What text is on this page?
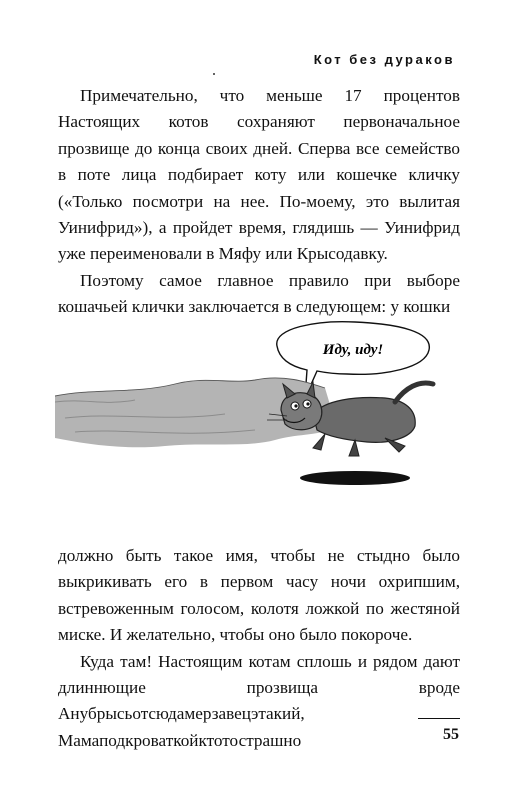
Кот без дураков

Примечательно, что меньше 17 процентов Настоящих котов сохраняют первоначальное прозвище до конца своих дней. Сперва все семейство в поте лица подбирает коту или кошечке кличку («Только посмотри на нее. По-моему, это вылитая Уинифрид»), а пройдет время, глядишь — Уинифрид уже переименовали в Мяфу или Крысодавку.

Поэтому самое главное правило при выборе кошачьей клички заключается в следующем: у кошки

Иду, иду!

должно быть такое имя, чтобы не стыдно было выкрикивать его в первом часу ночи охрипшим, встревоженным голосом, колотя ложкой по жестяной миске. И желательно, чтобы оно было покороче.

Куда там! Настоящим котам сплошь и рядом дают длиннющие прозвища вроде Анубрысьотсюдамерзавецэтакий, Мамаподкроваткойктотострашно	55
